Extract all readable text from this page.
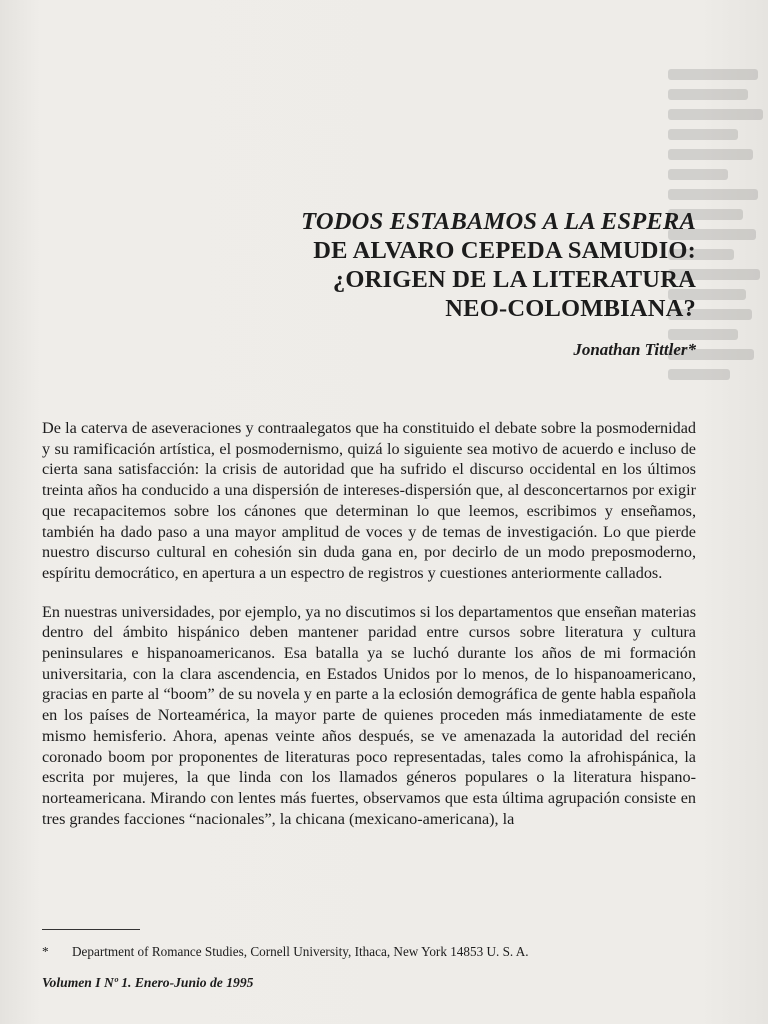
TODOS ESTABAMOS A LA ESPERA
DE ALVARO CEPEDA SAMUDIO:
¿ORIGEN DE LA LITERATURA
NEO-COLOMBIANA?
Jonathan Tittler*

De la caterva de aseveraciones y contraalegatos que ha constituido el debate sobre la posmodernidad y su ramificación artística, el posmodernismo, quizá lo siguiente sea motivo de acuerdo e incluso de cierta sana satisfacción: la crisis de autoridad que ha sufrido el discurso occidental en los últimos treinta años ha conducido a una dispersión de intereses-dispersión que, al desconcertarnos por exigir que recapacitemos sobre los cánones que determinan lo que leemos, escribimos y enseñamos, también ha dado paso a una mayor amplitud de voces y de temas de investigación. Lo que pierde nuestro discurso cultural en cohesión sin duda gana en, por decirlo de un modo preposmoderno, espíritu democrático, en apertura a un espectro de registros y cuestiones anteriormente callados.

En nuestras universidades, por ejemplo, ya no discutimos si los departamentos que enseñan materias dentro del ámbito hispánico deben mantener paridad entre cursos sobre literatura y cultura peninsulares e hispanoamericanos. Esa batalla ya se luchó durante los años de mi formación universitaria, con la clara ascendencia, en Estados Unidos por lo menos, de lo hispanoamericano, gracias en parte al “boom” de su novela y en parte a la eclosión demográfica de gente habla española en los países de Norteamérica, la mayor parte de quienes proceden más inmediatamente de este mismo hemisferio. Ahora, apenas veinte años después, se ve amenazada la autoridad del recién coronado boom por proponentes de literaturas poco representadas, tales como la afrohispánica, la escrita por mujeres, la que linda con los llamados géneros populares o la literatura hispano-norteamericana. Mirando con lentes más fuertes, observamos que esta última agrupación consiste en tres grandes facciones “nacionales”, la chicana (mexicano-americana), la

* Department of Romance Studies, Cornell University, Ithaca, New York 14853 U. S. A.
Volumen I Nº 1. Enero-Junio de 1995
